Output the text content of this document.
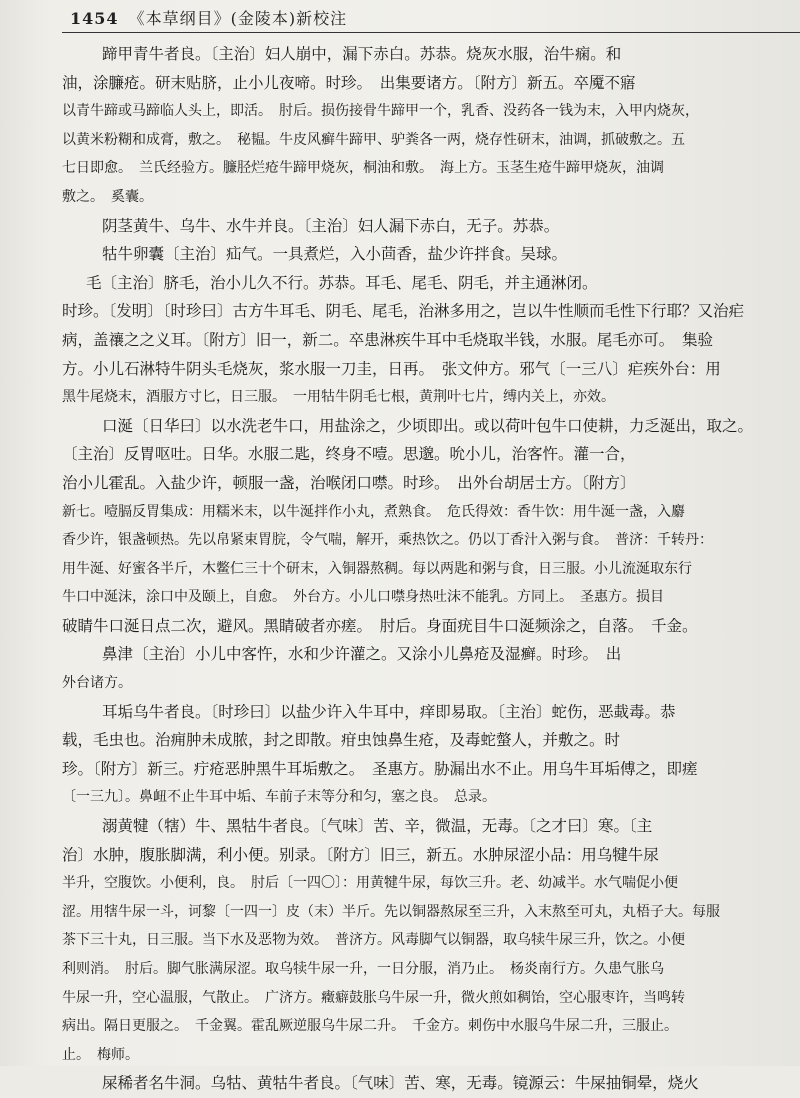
1454 《本草纲目》(金陵本)新校注
蹄甲青牛者良。〔主治〕妇人崩中，漏下赤白。苏恭。烧灰水服，治牛痫。和
油，涂臁疮。研末贴脐，止小儿夜啼。时珍。　出集要诸方。〔附方〕新五。卒魇不寤
以青牛蹄或马蹄临人头上，即活。　肘后。损伤接骨牛蹄甲一个，乳香、没药各一钱为末，入甲内烧灰，
以黄米粉糊和成膏，敷之。　秘韫。牛皮风癣牛蹄甲、驴粪各一两，烧存性研末，油调，抓破敷之。五
七日即愈。　兰氏经验方。臁胫烂疮牛蹄甲烧灰，桐油和敷。　海上方。玉茎生疮牛蹄甲烧灰，油调
敷之。　奚囊。
阴茎黄牛、乌牛、水牛并良。〔主治〕妇人漏下赤白，无子。苏恭。
牯牛卵囊〔主治〕疝气。一具煮烂，入小茴香，盐少许拌食。吴球。
毛〔主治〕脐毛，治小儿久不行。苏恭。耳毛、尾毛、阴毛，并主通淋闭。
时珍。〔发明〕〔时珍曰〕古方牛耳毛、阴毛、尾毛，治淋多用之，岂以牛性顺而毛性下行耶？又治疟
病，盖禳之之义耳。〔附方〕旧一，新二。卒患淋疾牛耳中毛烧取半钱，水服。尾毛亦可。　集验
方。小儿石淋特牛阴头毛烧灰，浆水服一刀圭，日再。　张文仲方。邪气〔一三八〕疟疾外台：用
黑牛尾烧末，酒服方寸匕，日三服。　一用牯牛阴毛七根，黄荆叶七片，缚内关上，亦效。
口涎〔日华曰〕以水洗老牛口，用盐涂之，少顷即出。或以荷叶包牛口使耕，力乏涎出，取之。
〔主治〕反胃呕吐。日华。水服二匙，终身不噎。思邈。吮小儿，治客忤。灌一合，
治小儿霍乱。入盐少许，顿服一盏，治喉闭口噤。时珍。　出外台胡居士方。〔附方〕
新七。噎膈反胃集成：用糯米末，以牛涎拌作小丸，煮熟食。　危氏得效：香牛饮：用牛涎一盏，入麝
香少许，银盏顿热。先以帛紧束胃脘，令气喘，解开，乘热饮之。仍以丁香汁入粥与食。　普济：千转丹：
用牛涎、好蜜各半斤，木鳖仁三十个研末，入铜器熬稠。每以两匙和粥与食，日三服。小儿流涎取东行
牛口中涎沫，涂口中及颐上，自愈。　外台方。小儿口噤身热吐沫不能乳。方同上。　圣惠方。损目
破睛牛口涎日点二次，避风。黑睛破者亦瘥。　肘后。身面疣目牛口涎频涂之，自落。　千金。
鼻津〔主治〕小儿中客忤，水和少许灌之。又涂小儿鼻疮及湿癣。时珍。　出
外台诸方。
耳垢乌牛者良。〔时珍曰〕以盐少许入牛耳中，痒即易取。〔主治〕蛇伤，恶蛓毒。恭
载，毛虫也。治痈肿未成脓，封之即散。疳虫蚀鼻生疮，及毒蛇螫人，并敷之。时
珍。〔附方〕新三。疔疮恶肿黑牛耳垢敷之。　圣惠方。胁漏出水不止。用乌牛耳垢傅之，即瘥
〔一三九〕。鼻衄不止牛耳中垢、车前子末等分和匀，塞之良。　总录。
溺黄犍（犗）牛、黑牯牛者良。〔气味〕苦、辛，微温，无毒。〔之才曰〕寒。〔主
治〕水肿，腹胀脚满，利小便。别录。〔附方〕旧三，新五。水肿尿涩小品：用乌犍牛尿
半升，空腹饮。小便利，良。　肘后〔一四〇〕：用黄犍牛尿，每饮三升。老、幼减半。水气喘促小便
涩。用犗牛尿一斗，诃黎〔一四一〕皮（末）半斤。先以铜器熬尿至三升，入末熬至可丸，丸梧子大。每服
茶下三十丸，日三服。当下水及恶物为效。　普济方。风毒脚气以铜器，取乌犊牛尿三升，饮之。小便
利则消。　肘后。脚气胀满尿涩。取乌犊牛尿一升，一日分服，消乃止。　杨炎南行方。久患气胀乌
牛尿一升，空心温服，气散止。　广济方。癥癖鼓胀乌牛尿一升，微火煎如稠饴，空心服枣许，当鸣转
病出。隔日更服之。　千金翼。霍乱厥逆服乌牛尿二升。　千金方。刺伤中水服乌牛尿二升，三服止。
止。　梅师。
屎稀者名牛洞。乌牯、黄牯牛者良。〔气味〕苦、寒，无毒。镜源云：牛屎抽铜晕，烧火
